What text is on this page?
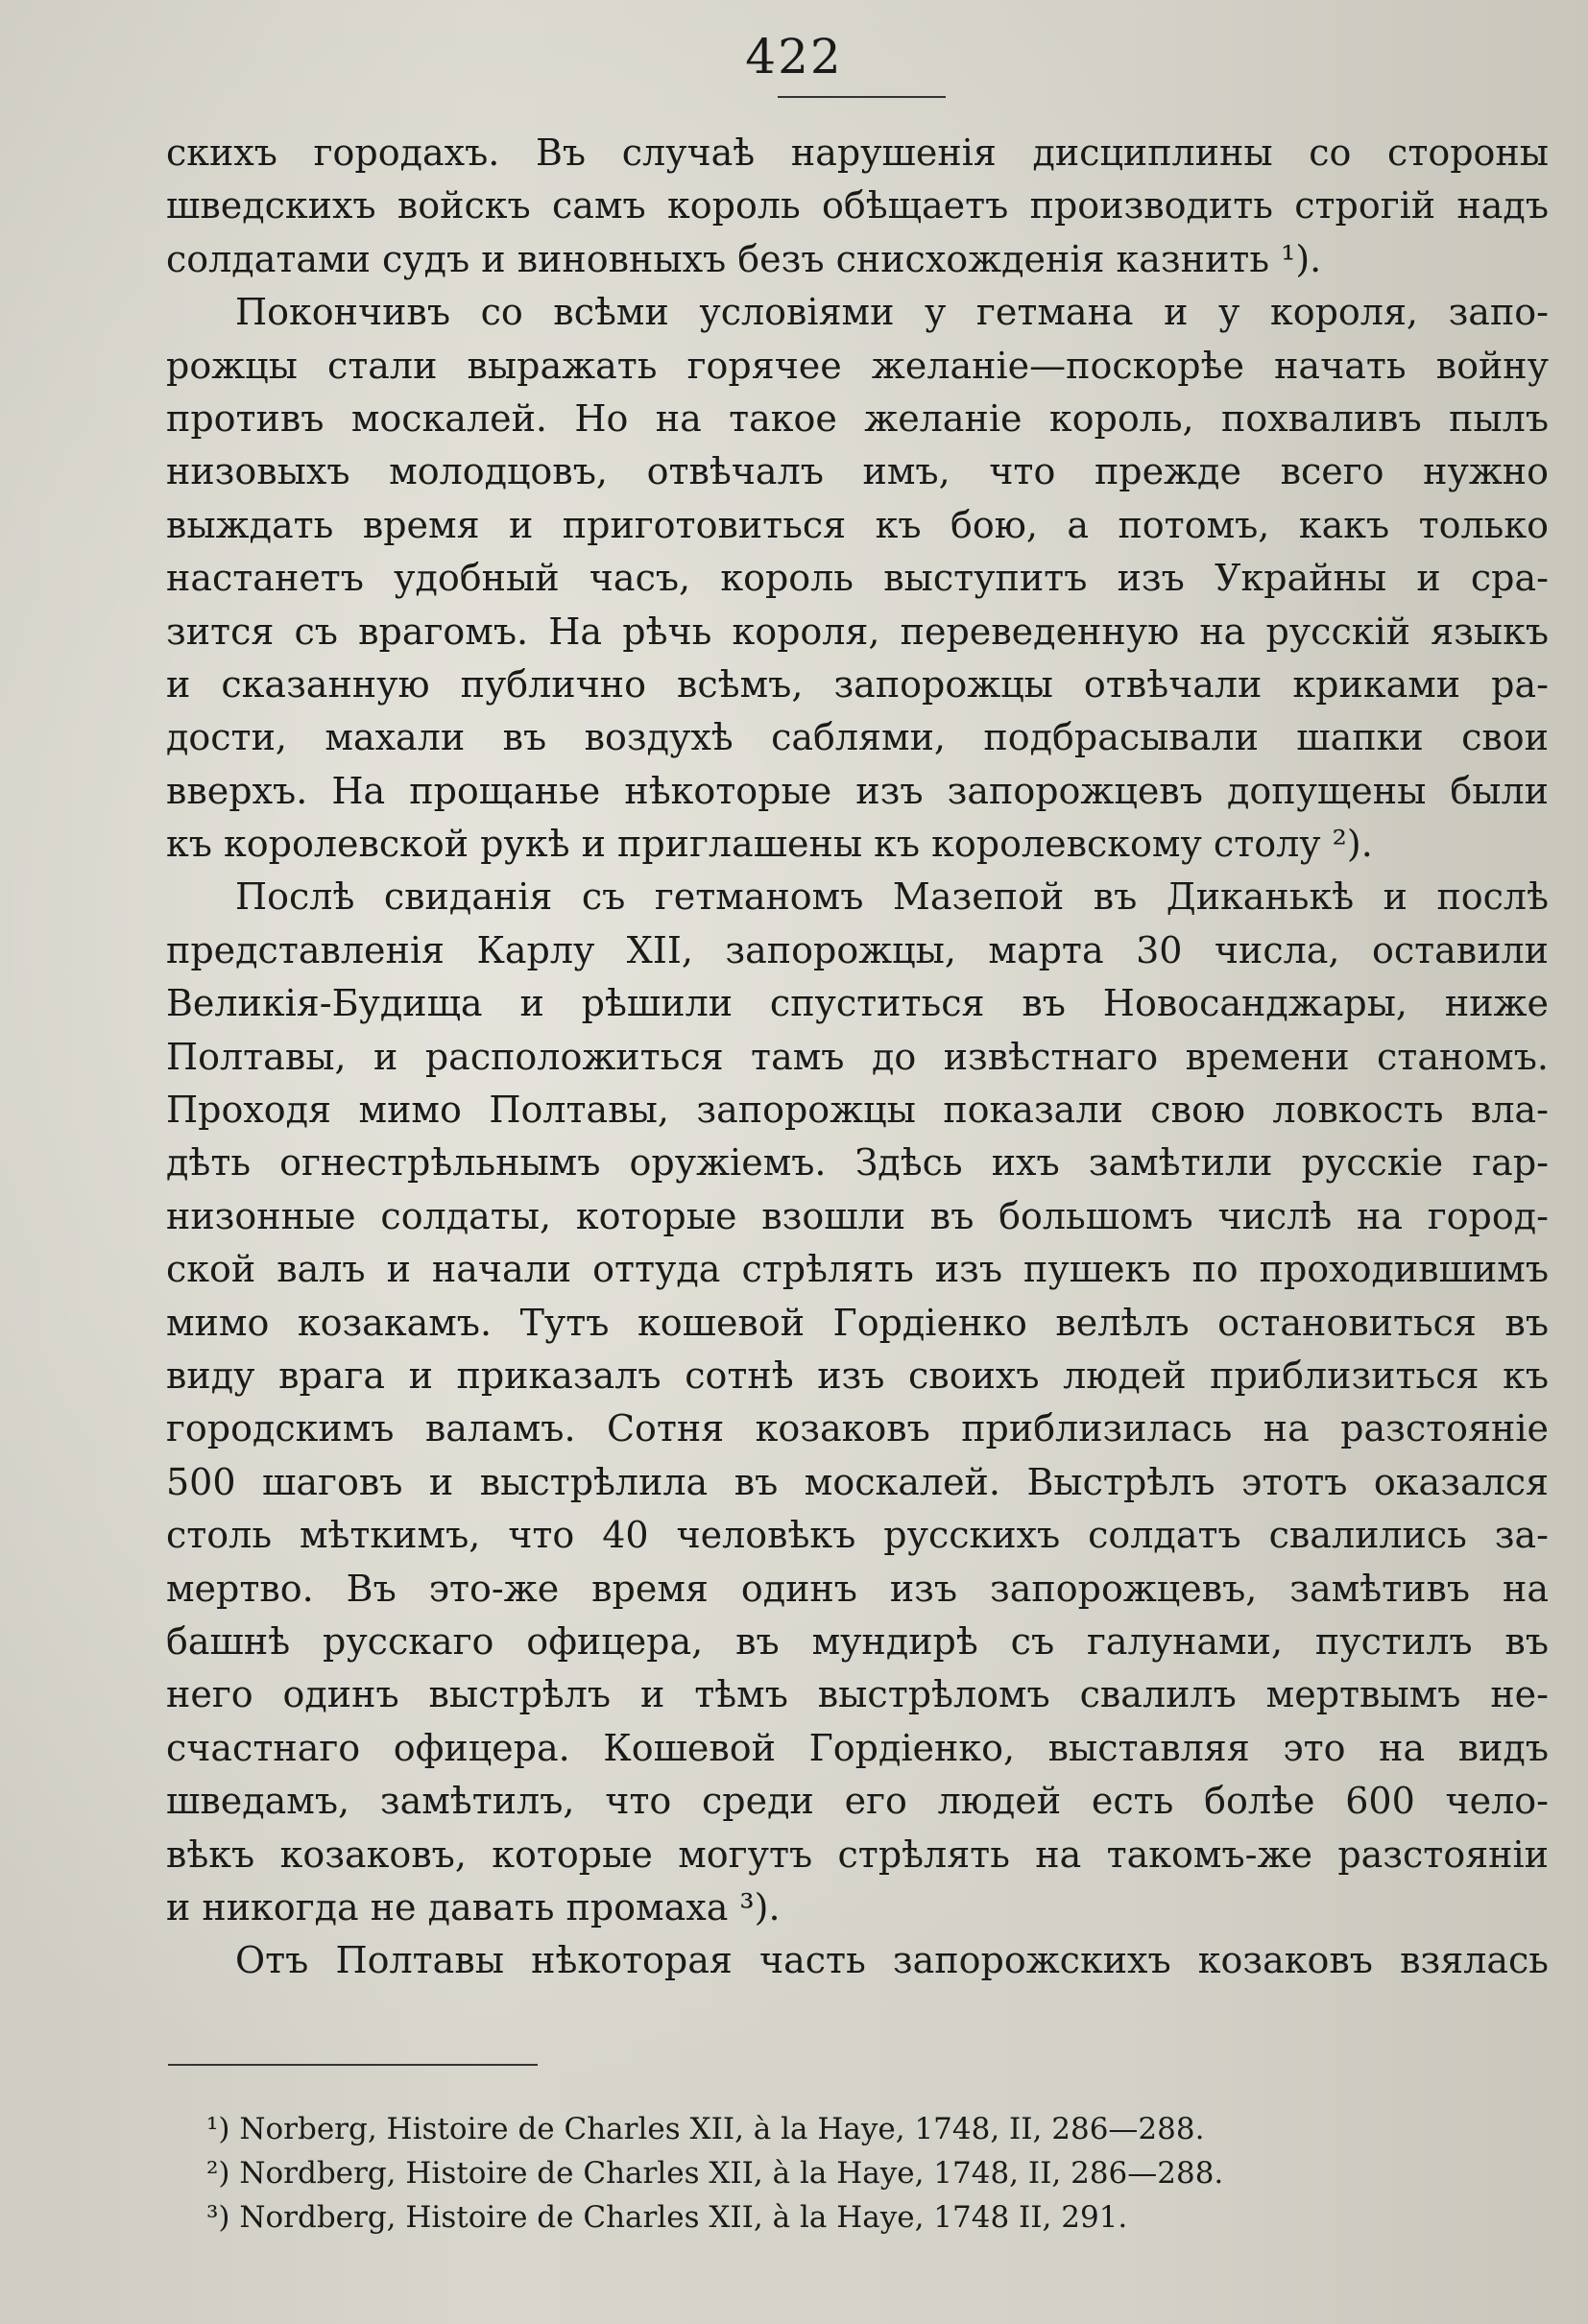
422
скихъ городахъ. Въ случаѣ нарушенія дисциплины со стороны
шведскихъ войскъ самъ король обѣщаетъ производить строгій надъ
солдатами судъ и виновныхъ безъ снисхожденія казнить ¹).
Покончивъ со всѣми условіями у гетмана и у короля, запо-
рожцы стали выражать горячее желаніе—поскорѣе начать войну
противъ москалей. Но на такое желаніе король, похваливъ пылъ
низовыхъ молодцовъ, отвѣчалъ имъ, что прежде всего нужно
выждать время и приготовиться къ бою, а потомъ, какъ только
настанетъ удобный часъ, король выступитъ изъ Украйны и сра-
зится съ врагомъ. На рѣчь короля, переведенную на русскій языкъ
и сказанную публично всѣмъ, запорожцы отвѣчали криками ра-
дости, махали въ воздухѣ саблями, подбрасывали шапки свои
вверхъ. На прощанье нѣкоторые изъ запорожцевъ допущены были
къ королевской рукѣ и приглашены къ королевскому столу ²).
Послѣ свиданія съ гетманомъ Мазепой въ Диканькѣ и послѣ
представленія Карлу XII, запорожцы, марта 30 числа, оставили
Великія-Будища и рѣшили спуститься въ Новосанджары, ниже
Полтавы, и расположиться тамъ до извѣстнаго времени станомъ.
Проходя мимо Полтавы, запорожцы показали свою ловкость вла-
дѣть огнестрѣльнымъ оружіемъ. Здѣсь ихъ замѣтили русскіе гар-
низонные солдаты, которые взошли въ большомъ числѣ на город-
ской валъ и начали оттуда стрѣлять изъ пушекъ по проходившимъ
мимо козакамъ. Тутъ кошевой Гордіенко велѣлъ остановиться въ
виду врага и приказалъ сотнѣ изъ своихъ людей приблизиться къ
городскимъ валамъ. Сотня козаковъ приблизилась на разстояніе
500 шаговъ и выстрѣлила въ москалей. Выстрѣлъ этотъ оказался
столь мѣткимъ, что 40 человѣкъ русскихъ солдатъ свалились за-
мертво. Въ это-же время одинъ изъ запорожцевъ, замѣтивъ на
башнѣ русскаго офицера, въ мундирѣ съ галунами, пустилъ въ
него одинъ выстрѣлъ и тѣмъ выстрѣломъ свалилъ мертвымъ не-
счастнаго офицера. Кошевой Гордіенко, выставляя это на видъ
шведамъ, замѣтилъ, что среди его людей есть болѣе 600 чело-
вѣкъ козаковъ, которые могутъ стрѣлять на такомъ-же разстояніи
и никогда не давать промаха ³).
Отъ Полтавы нѣкоторая часть запорожскихъ козаковъ взялась
¹) Norberg, Histoire de Charles XII, à la Haye, 1748, II, 286—288.
²) Nordberg, Histoire de Charles XII, à la Haye, 1748, II, 286—288.
³) Nordberg, Histoire de Charles XII, à la Haye, 1748 II, 291.
